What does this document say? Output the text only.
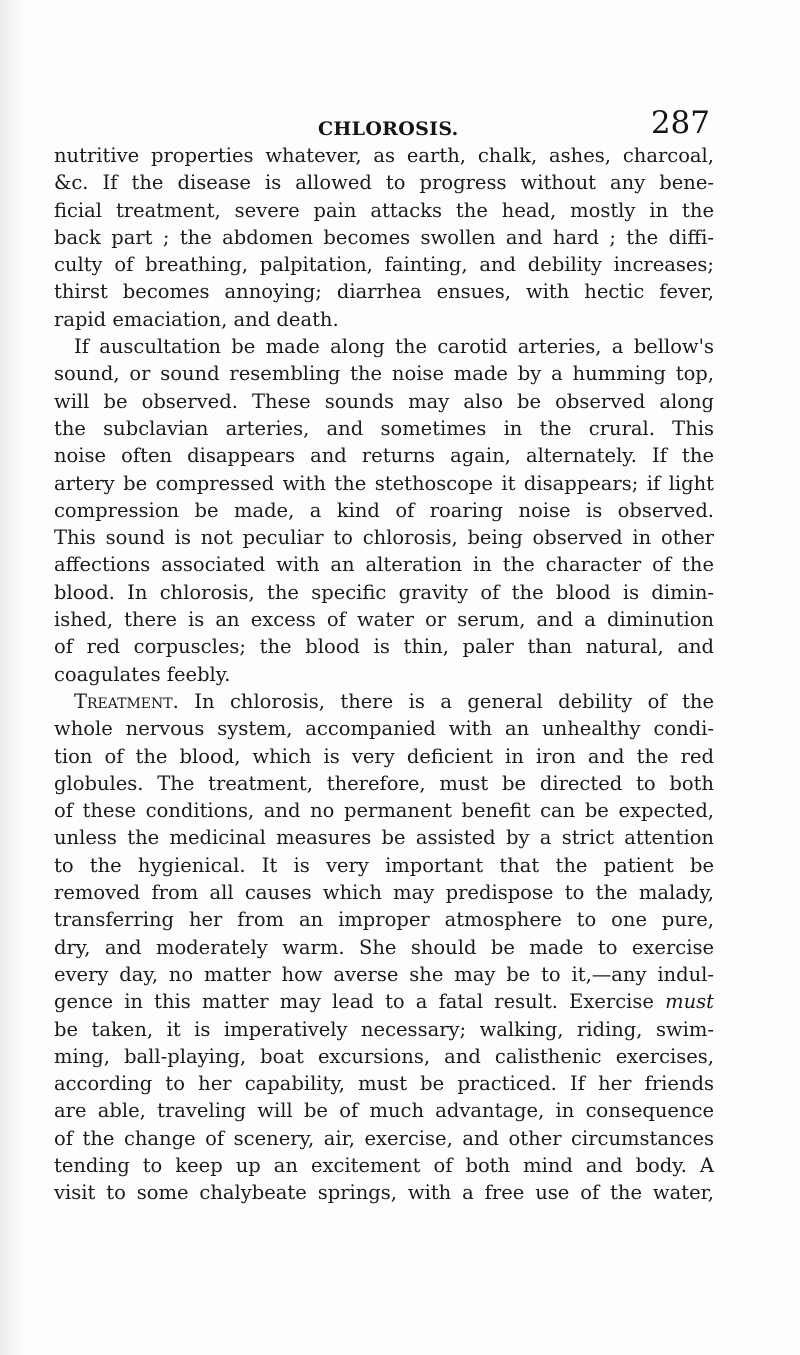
CHLOROSIS.	287
nutritive properties whatever, as earth, chalk, ashes, charcoal,
&c. If the disease is allowed to progress without any bene-
ficial treatment, severe pain attacks the head, mostly in the
back part ; the abdomen becomes swollen and hard ; the diffi-
culty of breathing, palpitation, fainting, and debility increases;
thirst becomes annoying; diarrhea ensues, with hectic fever,
rapid emaciation, and death.
If auscultation be made along the carotid arteries, a bellow's
sound, or sound resembling the noise made by a humming top,
will be observed. These sounds may also be observed along
the subclavian arteries, and sometimes in the crural. This
noise often disappears and returns again, alternately. If the
artery be compressed with the stethoscope it disappears; if light
compression be made, a kind of roaring noise is observed.
This sound is not peculiar to chlorosis, being observed in other
affections associated with an alteration in the character of the
blood. In chlorosis, the specific gravity of the blood is dimin-
ished, there is an excess of water or serum, and a diminution
of red corpuscles; the blood is thin, paler than natural, and
coagulates feebly.
Treatment. In chlorosis, there is a general debility of the
whole nervous system, accompanied with an unhealthy condi-
tion of the blood, which is very deficient in iron and the red
globules. The treatment, therefore, must be directed to both
of these conditions, and no permanent benefit can be expected,
unless the medicinal measures be assisted by a strict attention
to the hygienical. It is very important that the patient be
removed from all causes which may predispose to the malady,
transferring her from an improper atmosphere to one pure,
dry, and moderately warm. She should be made to exercise
every day, no matter how averse she may be to it,—any indul-
gence in this matter may lead to a fatal result. Exercise must
be taken, it is imperatively necessary; walking, riding, swim-
ming, ball-playing, boat excursions, and calisthenic exercises,
according to her capability, must be practiced. If her friends
are able, traveling will be of much advantage, in consequence
of the change of scenery, air, exercise, and other circumstances
tending to keep up an excitement of both mind and body. A
visit to some chalybeate springs, with a free use of the water,
